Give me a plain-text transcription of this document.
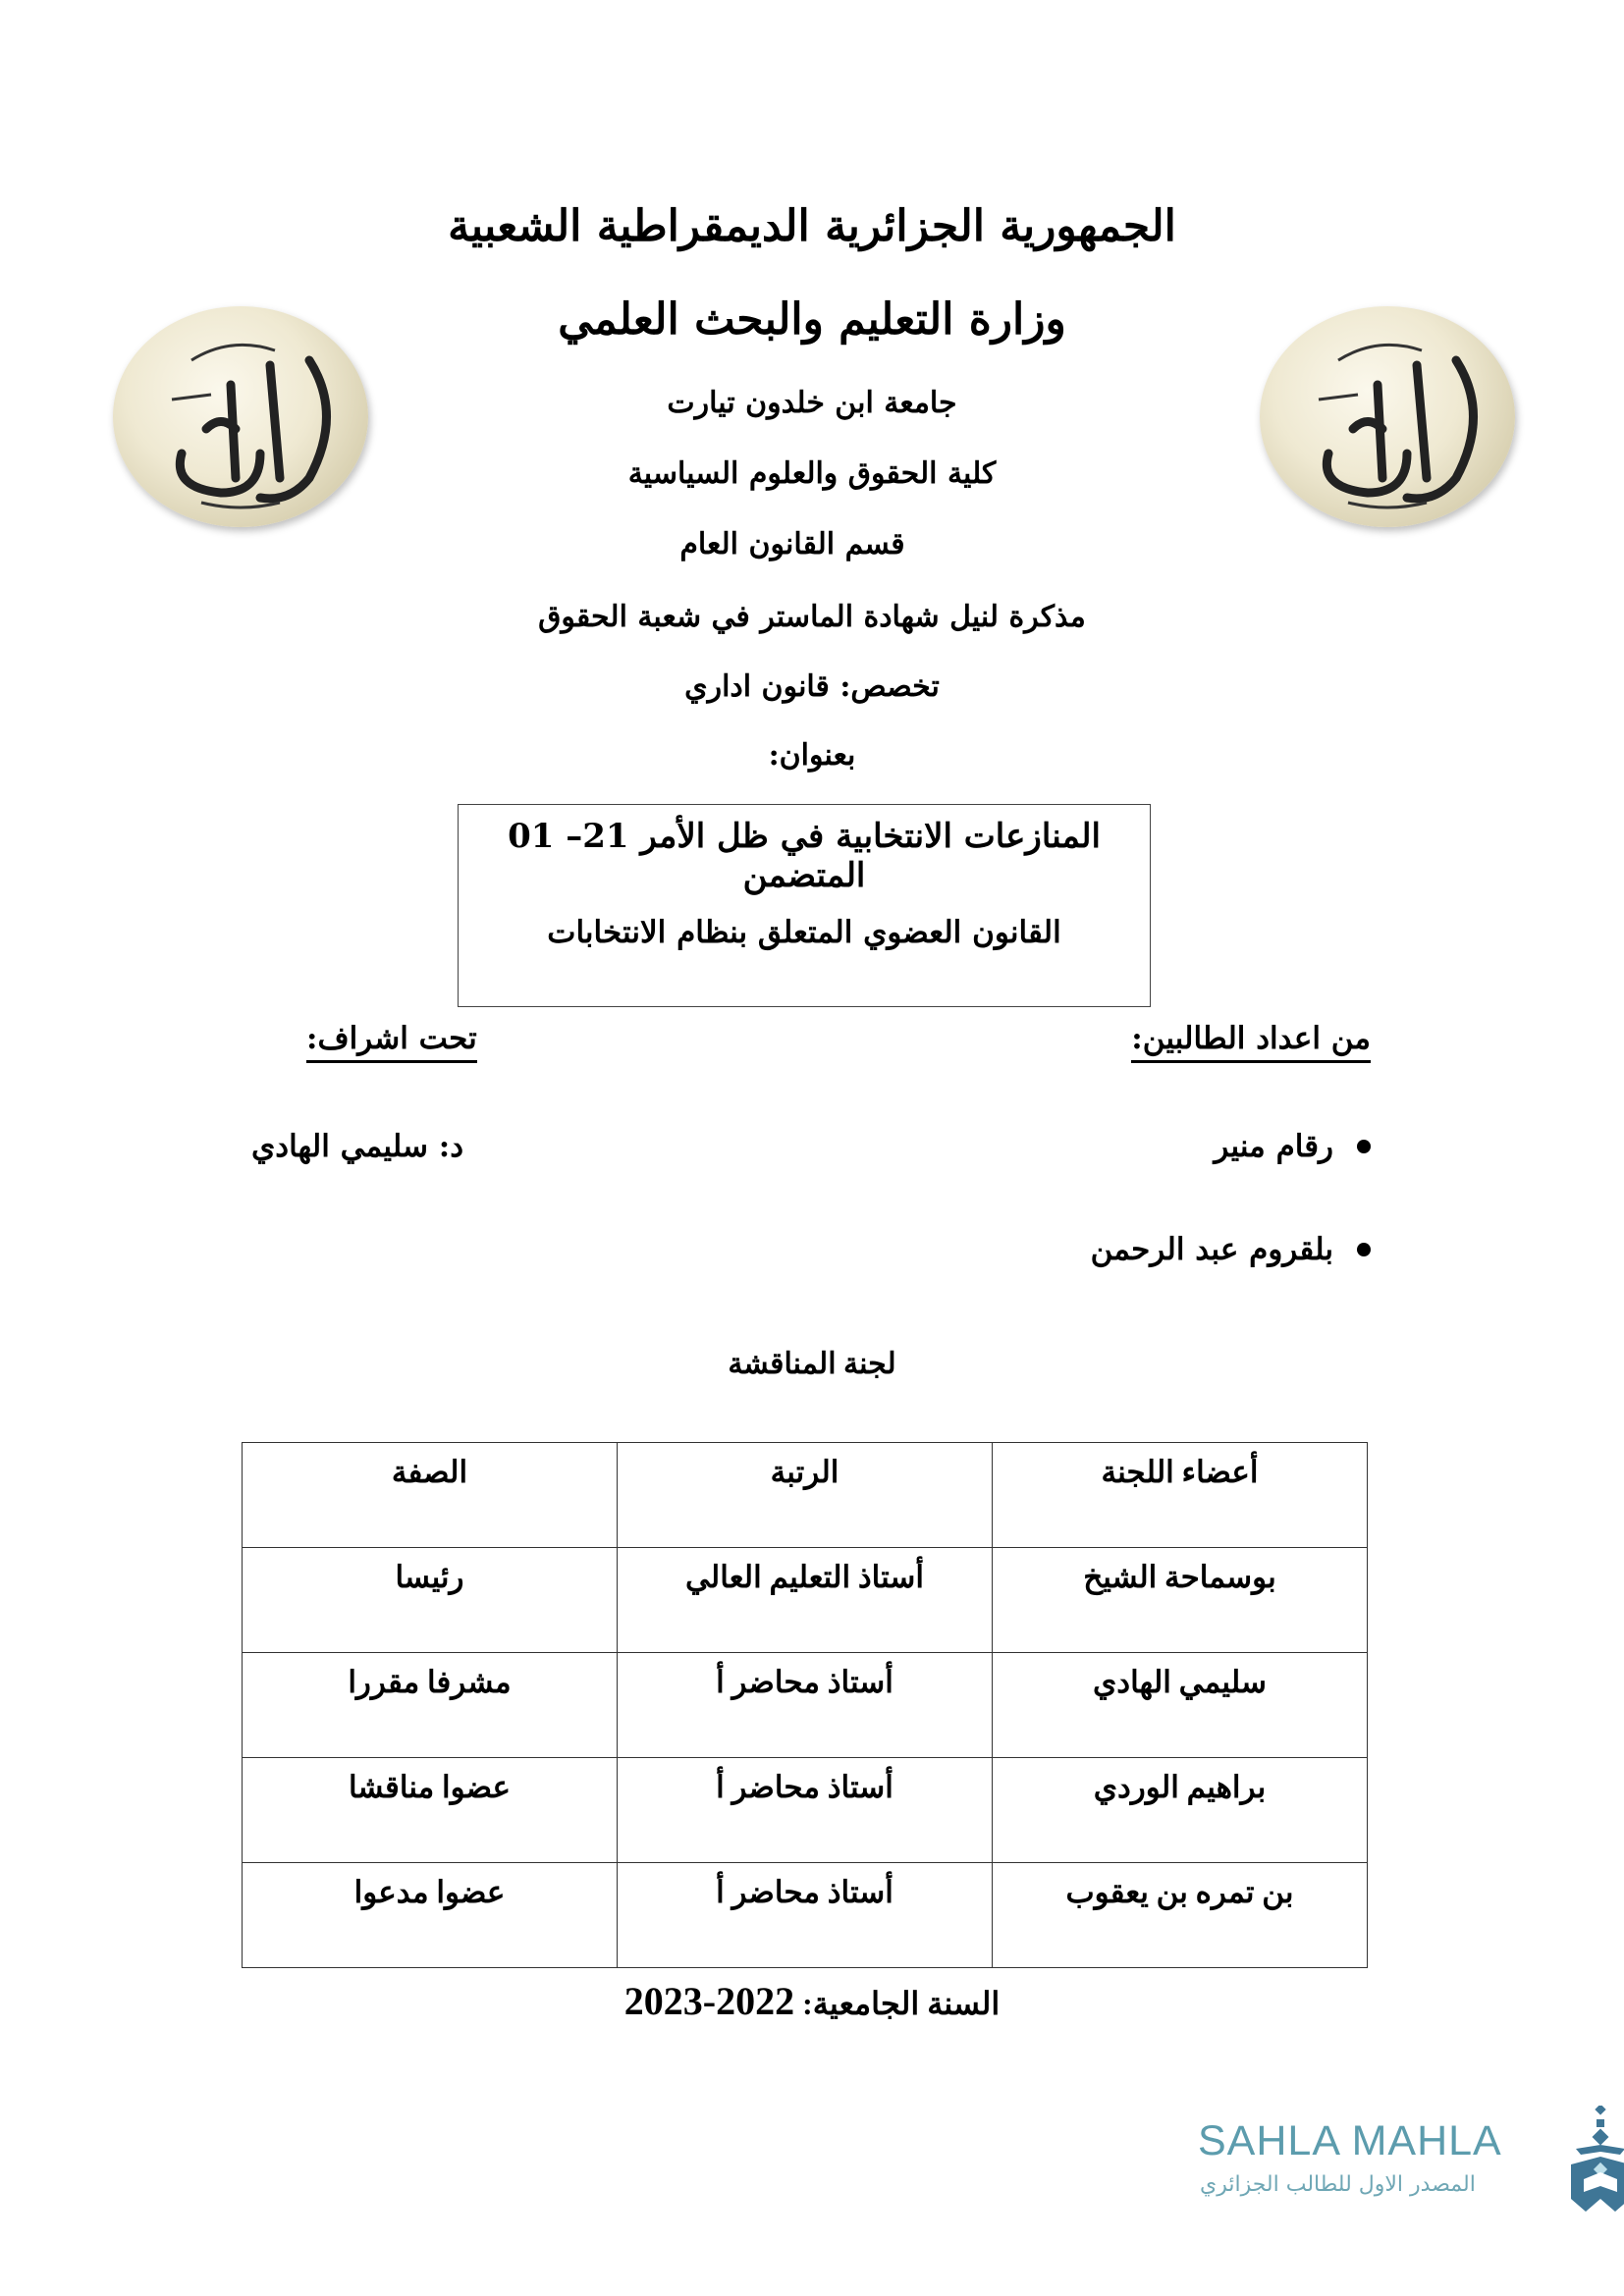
الجمهورية الجزائرية الديمقراطية الشعبية
وزارة التعليم والبحث العلمي
جامعة ابن خلدون تيارت
كلية الحقوق والعلوم السياسية
قسم القانون العام
مذكرة لنيل شهادة الماستر في شعبة الحقوق
تخصص: قانون اداري
بعنوان:
المنازعات الانتخابية في ظل الأمر 21– 01 المتضمن
القانون العضوي المتعلق بنظام الانتخابات
من اعداد الطالبين:
رقام منير
بلقروم عبد الرحمن
تحت اشراف:
د: سليمي الهادي
لجنة المناقشة
أعضاء اللجنة	الرتبة	الصفة
بوسماحة الشيخ	أستاذ التعليم العالي	رئيسا
سليمي الهادي	أستاذ محاضر أ	مشرفا مقررا
براهيم الوردي	أستاذ محاضر أ	عضوا مناقشا
بن تمره بن يعقوب	أستاذ محاضر أ	عضوا مدعوا
السنة الجامعية: 2023-2022
SAHLA MAHLA
المصدر الاول للطالب الجزائري
